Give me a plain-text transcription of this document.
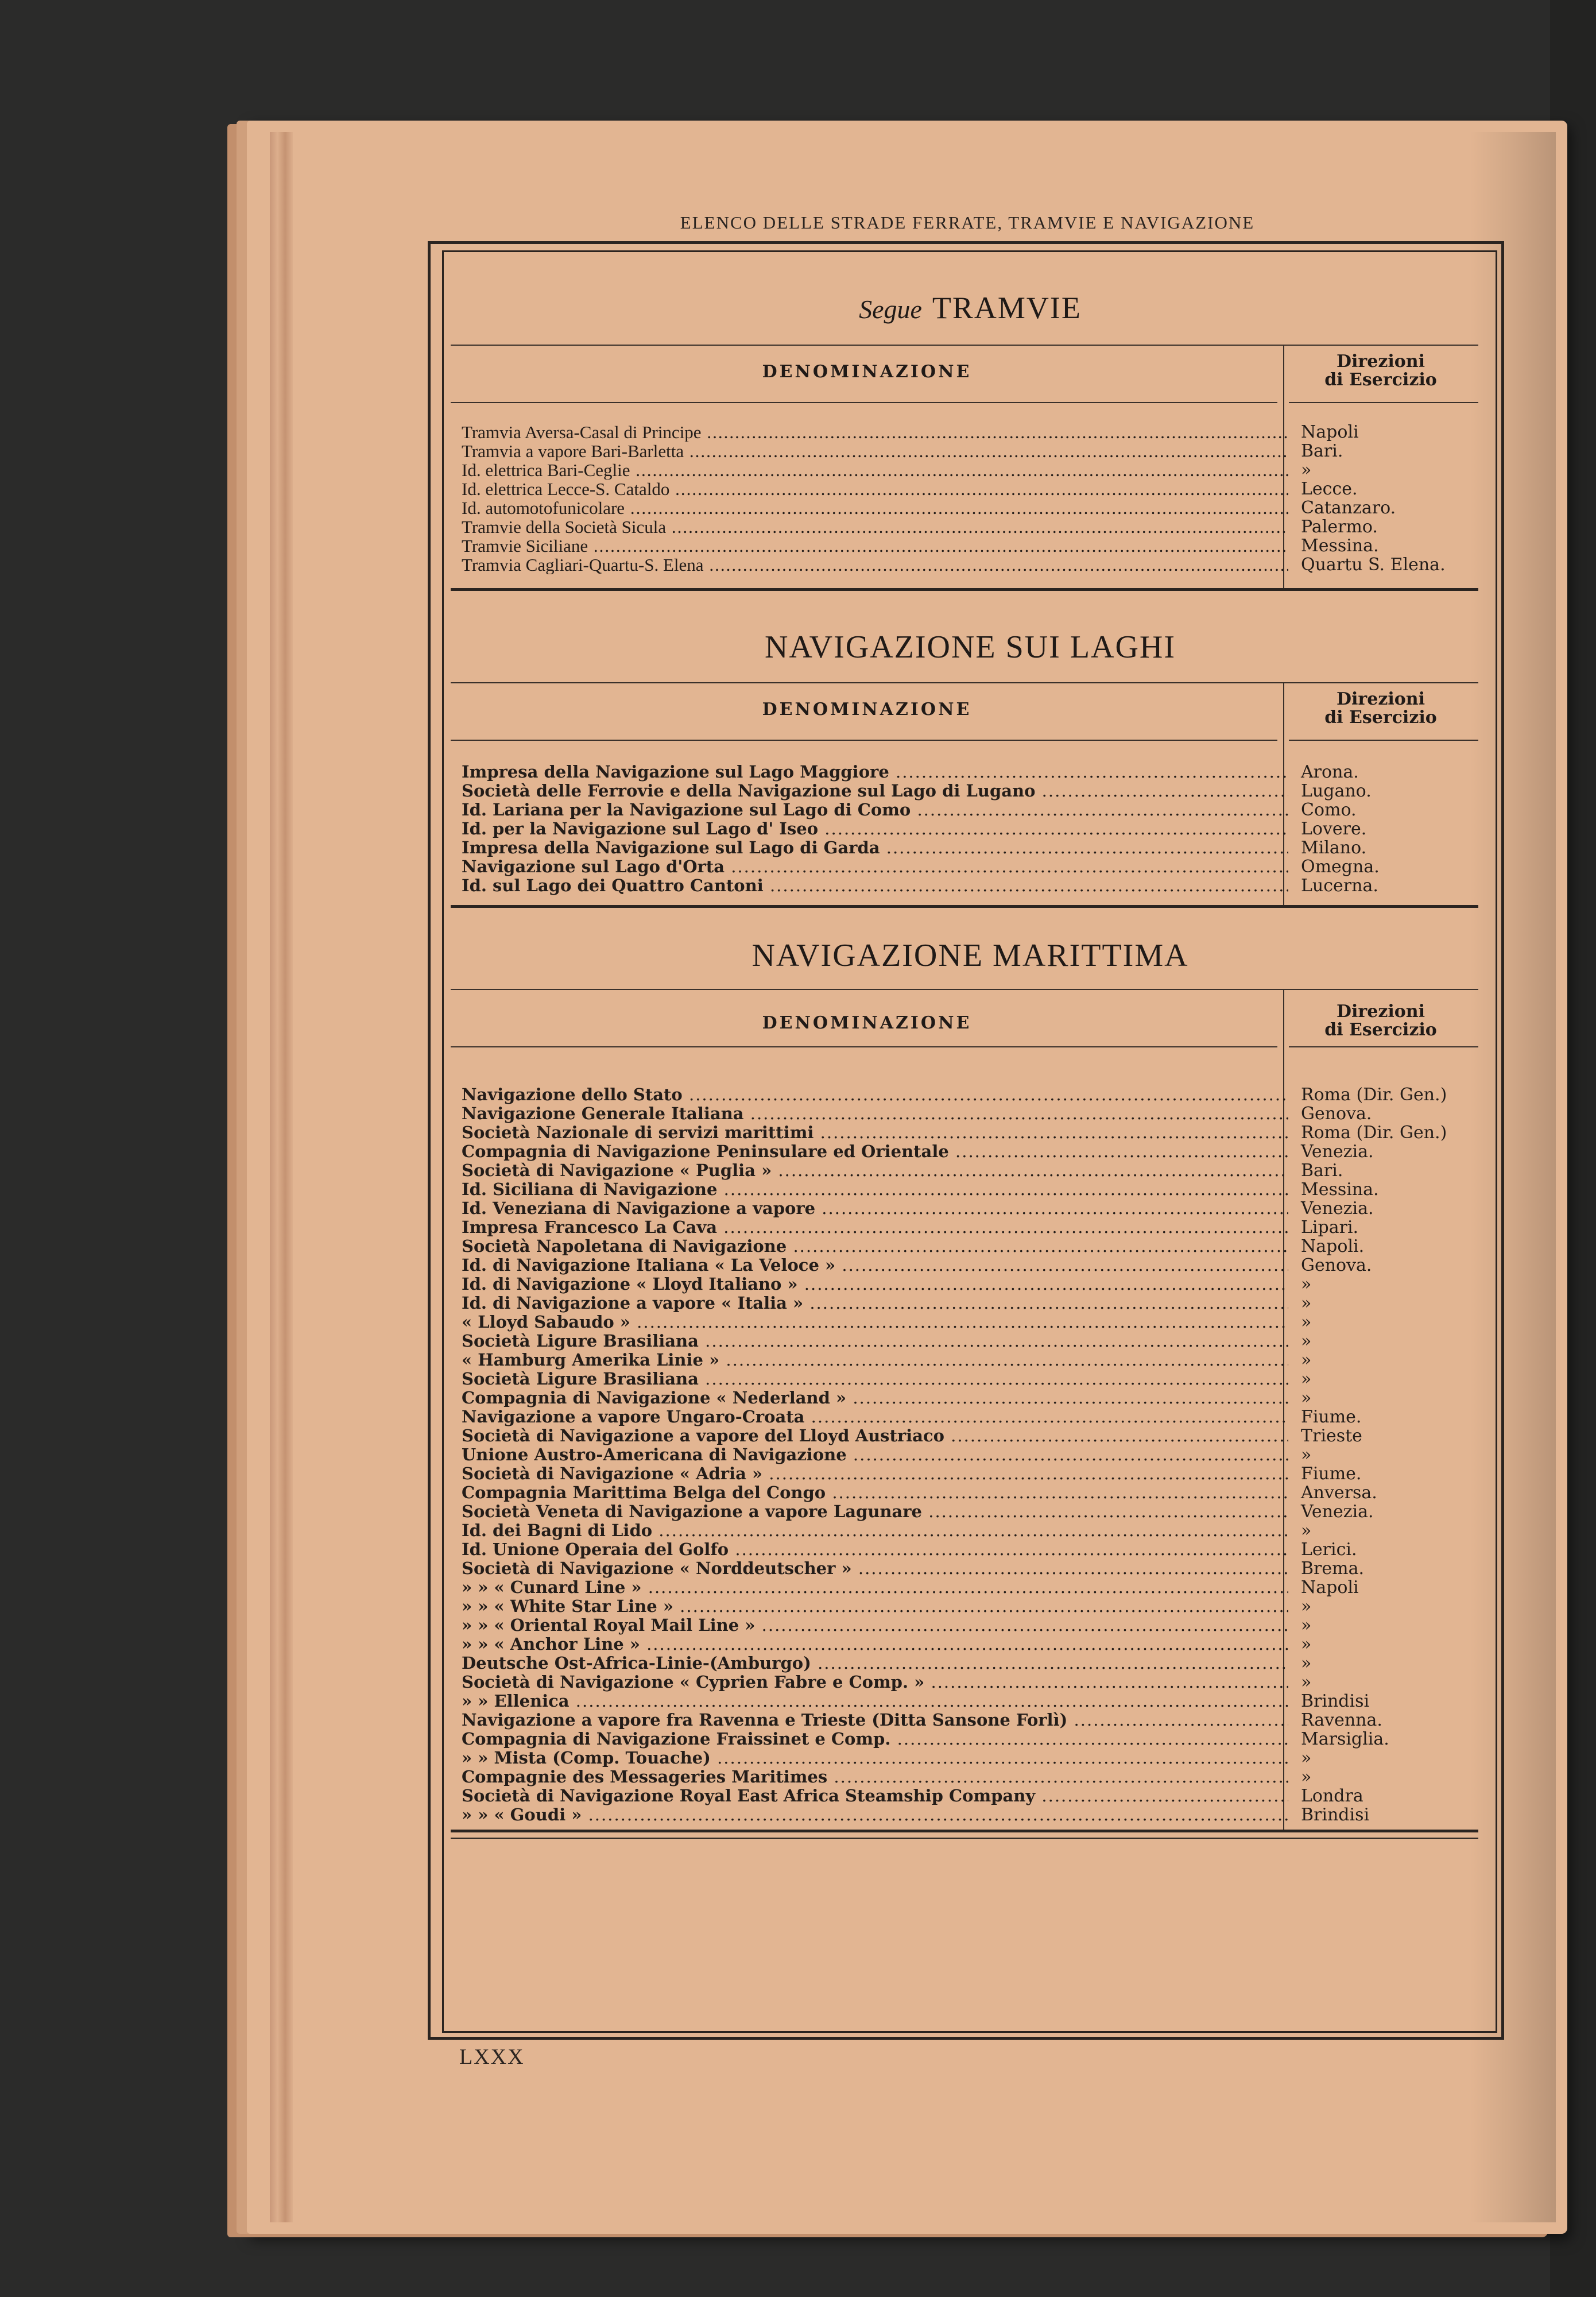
ELENCO DELLE STRADE FERRATE, TRAMVIE E NAVIGAZIONE
Segue TRAMVIE
DENOMINAZIONE
Direzioni
di Esercizio
Tramvia Aversa-Casal di Principe .....	Napoli
Tramvia a vapore Bari-Barletta .....	Bari.
Id. elettrica Bari-Ceglie .....	»
Id. elettrica Lecce-S. Cataldo .....	Lecce.
Id. automotofunicolare .....	Catanzaro.
Tramvie della Società Sicula .....	Palermo.
Tramvie Siciliane .....	Messina.
Tramvia Cagliari-Quartu-S. Elena .....	Quartu S. Elena.
NAVIGAZIONE SUI LAGHI
DENOMINAZIONE
Direzioni
di Esercizio
Impresa della Navigazione sul Lago Maggiore .....	Arona.
Società delle Ferrovie e della Navigazione sul Lago di Lugano .....	Lugano.
Id. Lariana per la Navigazione sul Lago di Como .....	Como.
Id. per la Navigazione sul Lago d' Iseo .....	Lovere.
Impresa della Navigazione sul Lago di Garda .....	Milano.
Navigazione sul Lago d'Orta .....	Omegna.
Id. sul Lago dei Quattro Cantoni .....	Lucerna.
NAVIGAZIONE MARITTIMA
DENOMINAZIONE
Direzioni
di Esercizio
Navigazione dello Stato .....	Roma (Dir. Gen.)
Navigazione Generale Italiana .....	Genova.
Società Nazionale di servizi marittimi .....	Roma (Dir. Gen.)
Compagnia di Navigazione Peninsulare ed Orientale .....	Venezia.
Società di Navigazione « Puglia » .....	Bari.
Id. Siciliana di Navigazione .....	Messina.
Id. Veneziana di Navigazione a vapore .....	Venezia.
Impresa Francesco La Cava .....	Lipari.
Società Napoletana di Navigazione .....	Napoli.
Id. di Navigazione Italiana « La Veloce » .....	Genova.
Id. di Navigazione « Lloyd Italiano » .....	»
Id. di Navigazione a vapore « Italia » .....	»
« Lloyd Sabaudo » .....	»
Società Ligure Brasiliana .....	»
« Hamburg Amerika Linie » .....	»
Società Ligure Brasiliana .....	»
Compagnia di Navigazione « Nederland » .....	»
Navigazione a vapore Ungaro-Croata .....	Fiume.
Società di Navigazione a vapore del Lloyd Austriaco .....	Trieste
Unione Austro-Americana di Navigazione .....	»
Società di Navigazione « Adria » .....	Fiume.
Compagnia Marittima Belga del Congo .....	Anversa.
Società Veneta di Navigazione a vapore Lagunare .....	Venezia.
Id. dei Bagni di Lido .....	»
Id. Unione Operaia del Golfo .....	Lerici.
Società di Navigazione « Norddeutscher » .....	Brema.
» » « Cunard Line » .....	Napoli
» » « White Star Line » .....	»
» » « Oriental Royal Mail Line » .....	»
» » « Anchor Line » .....	»
Deutsche Ost-Africa-Linie-(Amburgo) .....	»
Società di Navigazione « Cyprien Fabre e Comp. » .....	»
» » Ellenica .....	Brindisi
Navigazione a vapore fra Ravenna e Trieste (Ditta Sansone Forlì) .....	Ravenna.
Compagnia di Navigazione Fraissinet e Comp. .....	Marsiglia.
» » Mista (Comp. Touache) .....	»
Compagnie des Messageries Maritimes .....	»
Società di Navigazione Royal East Africa Steamship Company .....	Londra
» » « Goudi » .....	Brindisi
LXXX
